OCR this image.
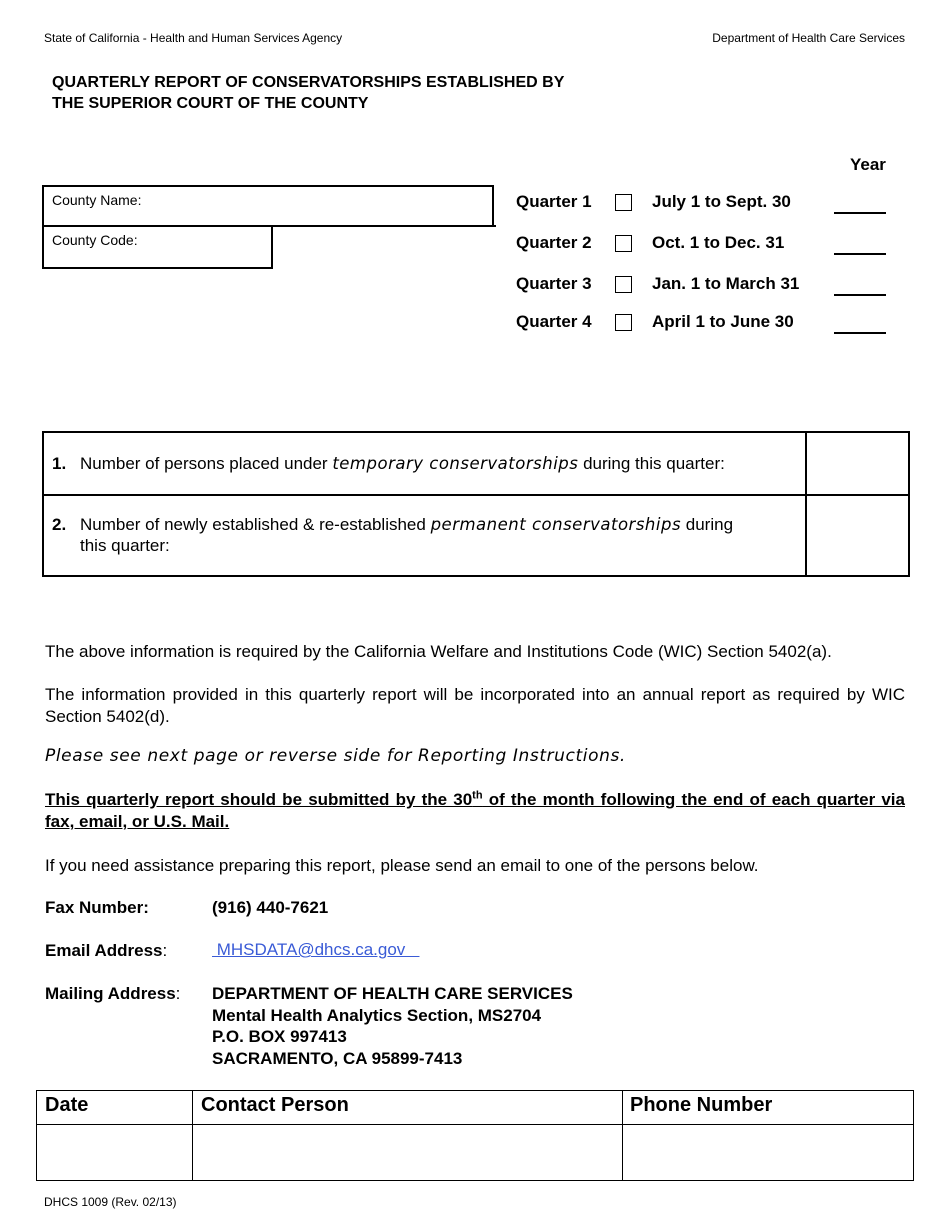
State of California - Health and Human Services Agency	Department of Health Care Services
QUARTERLY REPORT OF CONSERVATORSHIPS ESTABLISHED BY
THE SUPERIOR COURT OF THE COUNTY
County Name:
County Code:
Year
Quarter 1	July 1 to Sept. 30
Quarter 2	Oct. 1 to Dec. 31
Quarter 3	Jan. 1 to March 31
Quarter 4	April 1 to June 30
1. Number of persons placed under temporary conservatorships during this quarter:
2. Number of newly established & re-established permanent conservatorships during
this quarter:
The above information is required by the California Welfare and Institutions Code (WIC) Section 5402(a).
The information provided in this quarterly report will be incorporated into an annual report as required by WIC Section 5402(d).
Please see next page or reverse side for Reporting Instructions.
This quarterly report should be submitted by the 30th of the month following the end of each quarter via fax, email, or U.S. Mail.
If you need assistance preparing this report, please send an email to one of the persons below.
Fax Number:	(916) 440-7621
Email Address:	MHSDATA@dhcs.ca.gov
Mailing Address: DEPARTMENT OF HEALTH CARE SERVICES
Mental Health Analytics Section, MS2704
P.O. BOX 997413
SACRAMENTO, CA 95899-7413
Date	Contact Person	Phone Number
DHCS 1009 (Rev. 02/13)
